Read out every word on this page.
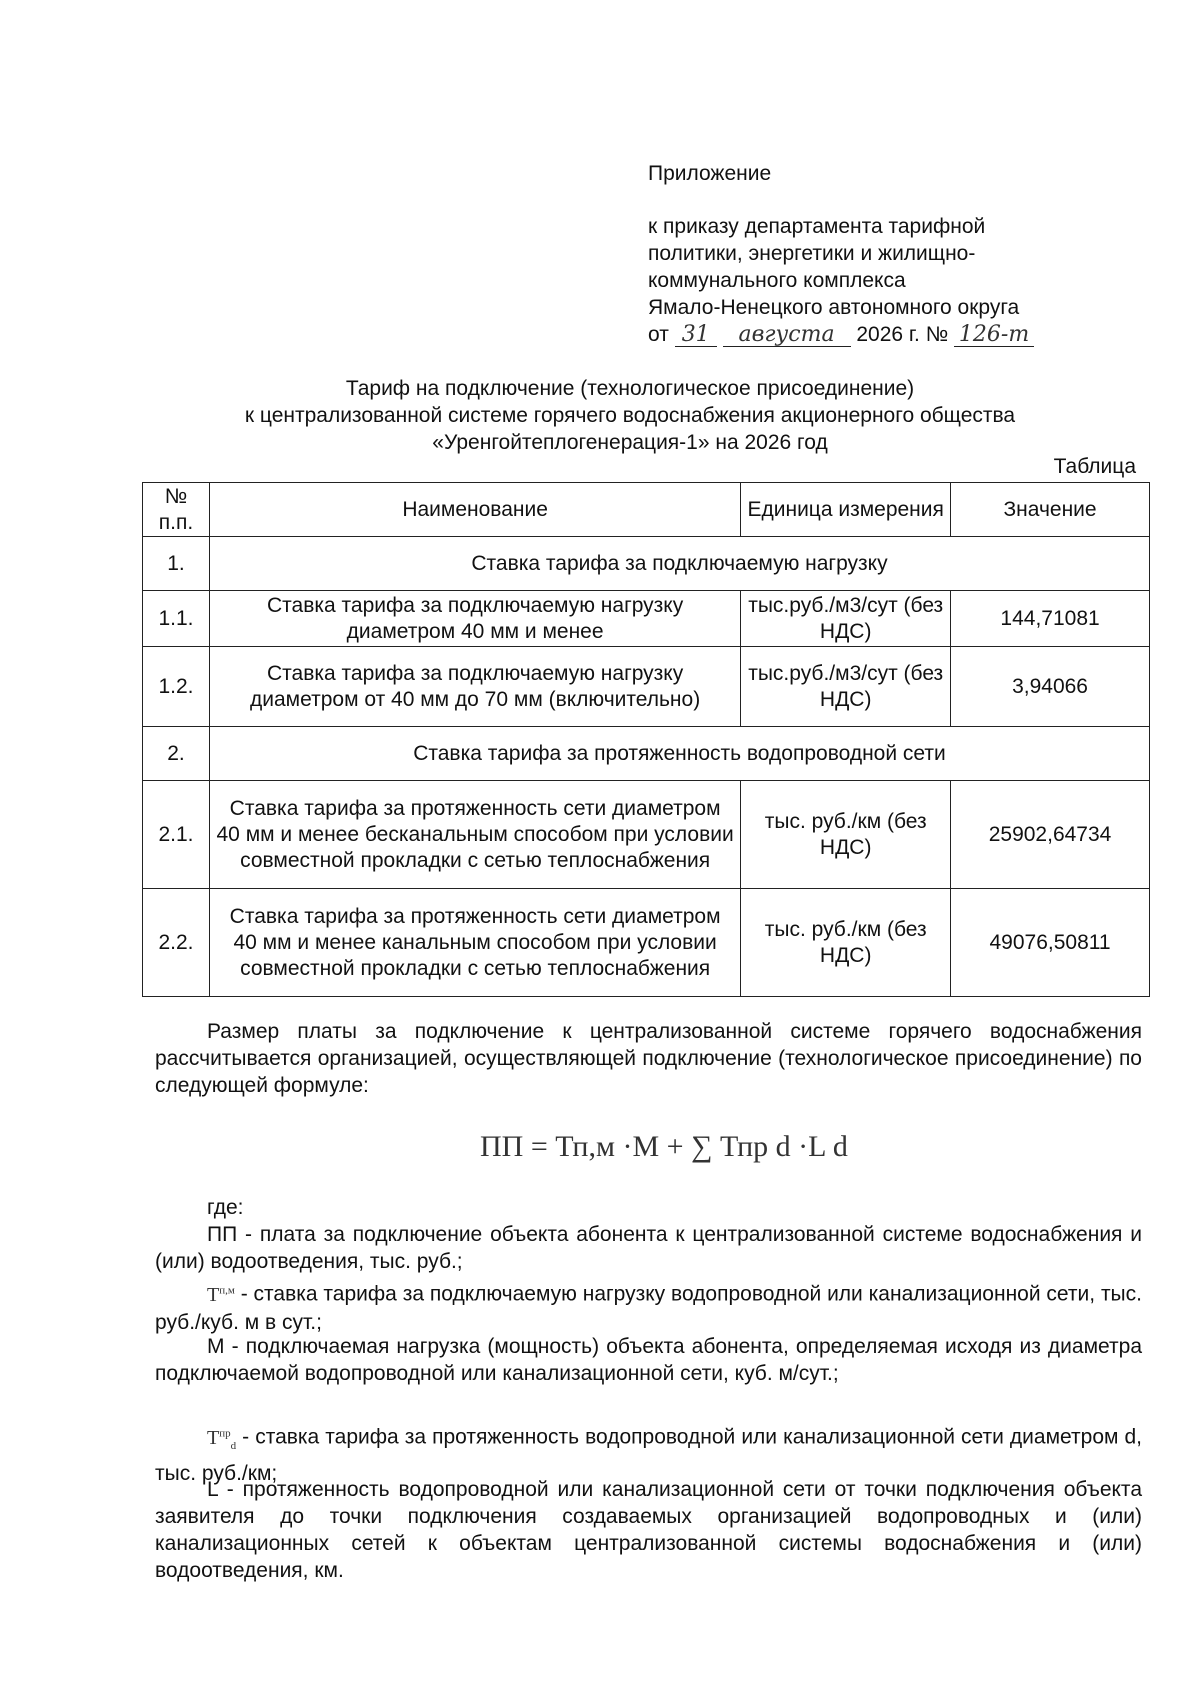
Приложение
к приказу департамента тарифной
политики, энергетики и жилищно-
коммунального комплекса
Ямало-Ненецкого автономного округа
от 31 августа 2026 г. № 126-т
Тариф на подключение (технологическое присоединение)
к централизованной системе горячего водоснабжения акционерного общества
«Уренгойтеплогенерация-1» на 2026 год
Таблица
№ п.п.	Наименование	Единица измерения	Значение
1.	Ставка тарифа за подключаемую нагрузку		
1.1.	Ставка тарифа за подключаемую нагрузку диаметром 40 мм и менее	тыс.руб./м3/сут (без НДС)	144,71081
1.2.	Ставка тарифа за подключаемую нагрузку диаметром от 40 мм до 70 мм (включительно)	тыс.руб./м3/сут (без НДС)	3,94066
2.	Ставка тарифа за протяженность водопроводной сети		
2.1.	Ставка тарифа за протяженность сети диаметром 40 мм и менее бесканальным способом при условии совместной прокладки с сетью теплоснабжения	тыс. руб./км (без НДС)	25902,64734
2.2.	Ставка тарифа за протяженность сети диаметром 40 мм и менее канальным способом при условии совместной прокладки с сетью теплоснабжения	тыс. руб./км (без НДС)	49076,50811
Размер платы за подключение к централизованной системе горячего водоснабжения рассчитывается организацией, осуществляющей подключение (технологическое присоединение) по следующей формуле:
ПП = Тп,м ·М + ∑ Тпр d ·L d
где:
ПП - плата за подключение объекта абонента к централизованной системе водоснабжения и (или) водоотведения, тыс. руб.;
$Т^{п,м}$ - ставка тарифа за подключаемую нагрузку водопроводной или канализационной сети, тыс. руб./куб. м в сут.;
М - подключаемая нагрузка (мощность) объекта абонента, определяемая исходя из диаметра подключаемой водопроводной или канализационной сети, куб. м/сут.;
$Т^{пр}_d$ - ставка тарифа за протяженность водопроводной или канализационной сети диаметром d, тыс. руб./км;
L - протяженность водопроводной или канализационной сети от точки подключения объекта заявителя до точки подключения создаваемых организацией водопроводных и (или) канализационных сетей к объектам централизованной системы водоснабжения и (или) водоотведения, км.
